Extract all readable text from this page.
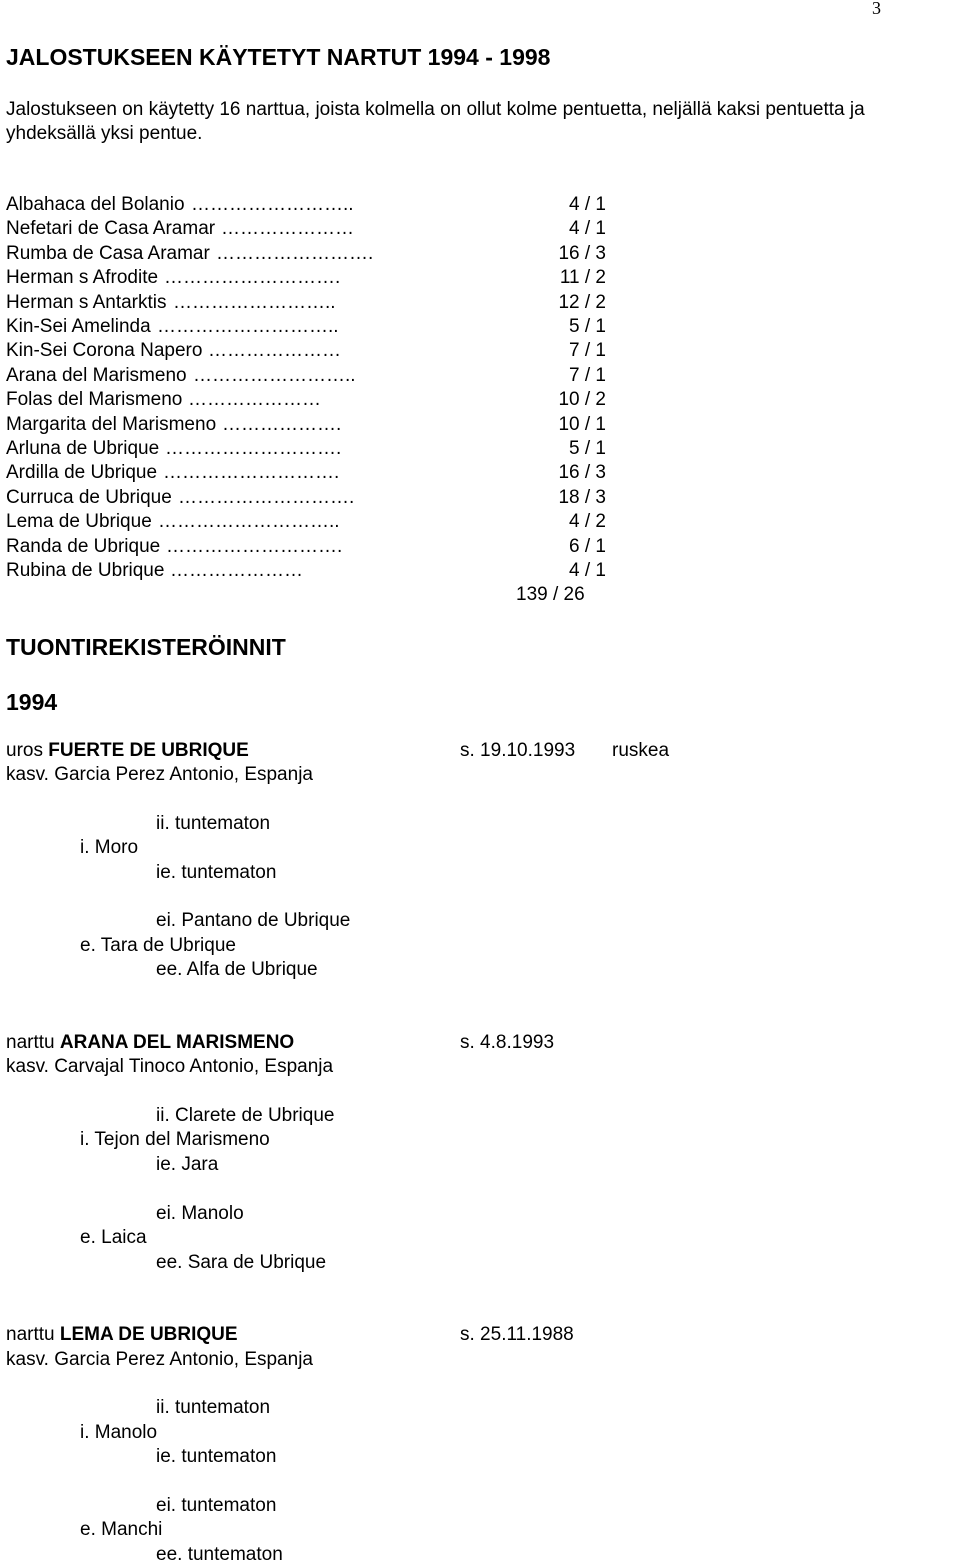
3
JALOSTUKSEEN KÄYTETYT NARTUT 1994 - 1998
Jalostukseen on käytetty 16 narttua, joista kolmella on ollut kolme pentuetta, neljällä kaksi pentuetta ja yhdeksällä yksi pentue.
Albahaca del Bolanio ……………………..	4 / 1
Nefetari de Casa Aramar …………………	4 / 1
Rumba de Casa Aramar …………………….	16 / 3
Herman s Afrodite ……………………….	11 / 2
Herman s Antarktis ……………………..	12 / 2
Kin-Sei Amelinda ………………………..	5 / 1
Kin-Sei Corona Napero …………………	7 / 1
Arana del Marismeno ……………………..	7 / 1
Folas del Marismeno …………………	10 / 2
Margarita del Marismeno ……………….	10 / 1
Arluna de Ubrique ……………………….	5 / 1
Ardilla de Ubrique ……………………….	16 / 3
Curruca de Ubrique ……………………….	18 / 3
Lema de Ubrique ………………………..	4 / 2
Randa de Ubrique ……………………….	6 / 1
Rubina de Ubrique …………………	4 / 1
139 / 26
TUONTIREKISTERÖINNIT
1994
uros FUERTE DE UBRIQUE	s. 19.10.1993 ruskea
kasv. Garcia Perez Antonio, Espanja
ii. tuntematon
i. Moro
ie. tuntematon
ei. Pantano de Ubrique
e. Tara de Ubrique
ee. Alfa de Ubrique
narttu ARANA DEL MARISMENO	s. 4.8.1993
kasv. Carvajal Tinoco Antonio, Espanja
ii. Clarete de Ubrique
i. Tejon del Marismeno
ie. Jara
ei. Manolo
e. Laica
ee. Sara de Ubrique
narttu LEMA DE UBRIQUE	s. 25.11.1988
kasv. Garcia Perez Antonio, Espanja
ii. tuntematon
i. Manolo
ie. tuntematon
ei. tuntematon
e. Manchi
ee. tuntematon
